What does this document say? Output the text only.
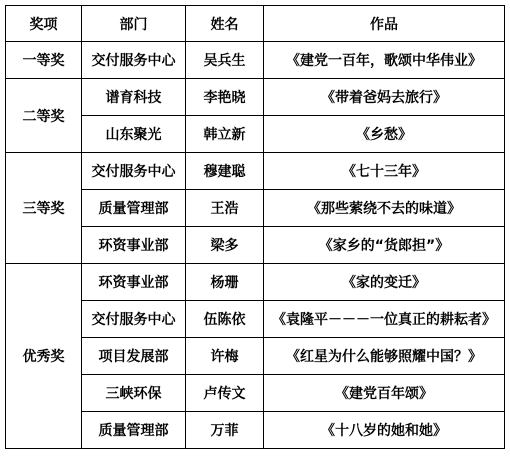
奖项	部门	姓名	作品
一等奖	交付服务中心	吴兵生	《建党一百年，歌颂中华伟业》
二等奖	谱育科技	李艳晓	《带着爸妈去旅行》
	山东聚光	韩立新	《乡愁》
三等奖	交付服务中心	穆建聪	《七十三年》
	质量管理部	王浩	《那些萦绕不去的味道》
	环资事业部	梁多	《家乡的“货郎担”》
优秀奖	环资事业部	杨珊	《家的变迁》
	交付服务中心	伍陈依	《袁隆平－－－一位真正的耕耘者》
	项目发展部	许梅	《红星为什么能够照耀中国？》
	三峡环保	卢传文	《建党百年颂》
	质量管理部	万菲	《十八岁的她和她》
